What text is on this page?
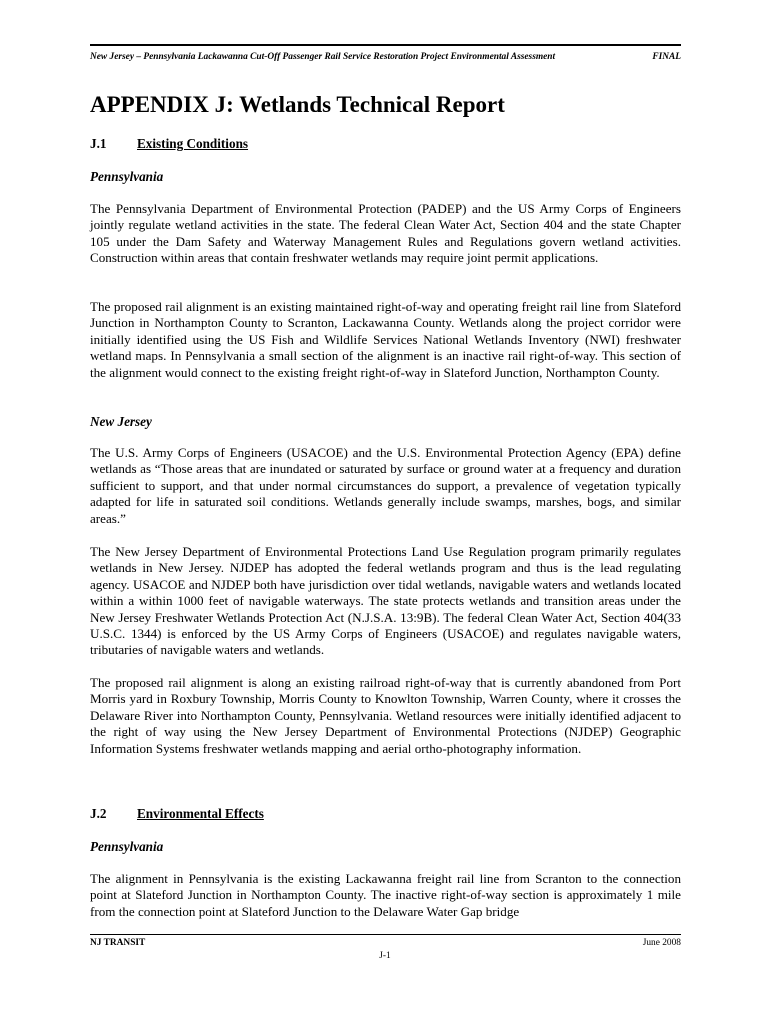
New Jersey – Pennsylvania Lackawanna Cut-Off Passenger Rail Service Restoration Project Environmental Assessment	FINAL
APPENDIX J: Wetlands Technical Report
J.1 Existing Conditions
Pennsylvania

The Pennsylvania Department of Environmental Protection (PADEP) and the US Army Corps of Engineers jointly regulate wetland activities in the state. The federal Clean Water Act, Section 404 and the state Chapter 105 under the Dam Safety and Waterway Management Rules and Regulations govern wetland activities. Construction within areas that contain freshwater wetlands may require joint permit applications.

The proposed rail alignment is an existing maintained right-of-way and operating freight rail line from Slateford Junction in Northampton County to Scranton, Lackawanna County. Wetlands along the project corridor were initially identified using the US Fish and Wildlife Services National Wetlands Inventory (NWI) freshwater wetland maps. In Pennsylvania a small section of the alignment is an inactive rail right-of-way. This section of the alignment would connect to the existing freight right-of-way in Slateford Junction, Northampton County.

New Jersey

The U.S. Army Corps of Engineers (USACOE) and the U.S. Environmental Protection Agency (EPA) define wetlands as “Those areas that are inundated or saturated by surface or ground water at a frequency and duration sufficient to support, and that under normal circumstances do support, a prevalence of vegetation typically adapted for life in saturated soil conditions. Wetlands generally include swamps, marshes, bogs, and similar areas.”

The New Jersey Department of Environmental Protections Land Use Regulation program primarily regulates wetlands in New Jersey. NJDEP has adopted the federal wetlands program and thus is the lead regulating agency. USACOE and NJDEP both have jurisdiction over tidal wetlands, navigable waters and wetlands located within a within 1000 feet of navigable waterways. The state protects wetlands and transition areas under the New Jersey Freshwater Wetlands Protection Act (N.J.S.A. 13:9B). The federal Clean Water Act, Section 404(33 U.S.C. 1344) is enforced by the US Army Corps of Engineers (USACOE) and regulates navigable waters, tributaries of navigable waters and wetlands.

The proposed rail alignment is along an existing railroad right-of-way that is currently abandoned from Port Morris yard in Roxbury Township, Morris County to Knowlton Township, Warren County, where it crosses the Delaware River into Northampton County, Pennsylvania. Wetland resources were initially identified adjacent to the right of way using the New Jersey Department of Environmental Protections (NJDEP) Geographic Information Systems freshwater wetlands mapping and aerial ortho-photography information.

J.2 Environmental Effects
Pennsylvania

The alignment in Pennsylvania is the existing Lackawanna freight rail line from Scranton to the connection point at Slateford Junction in Northampton County. The inactive right-of-way section is approximately 1 mile from the connection point at Slateford Junction to the Delaware Water Gap bridge

NJ TRANSIT	June 2008
J-1
